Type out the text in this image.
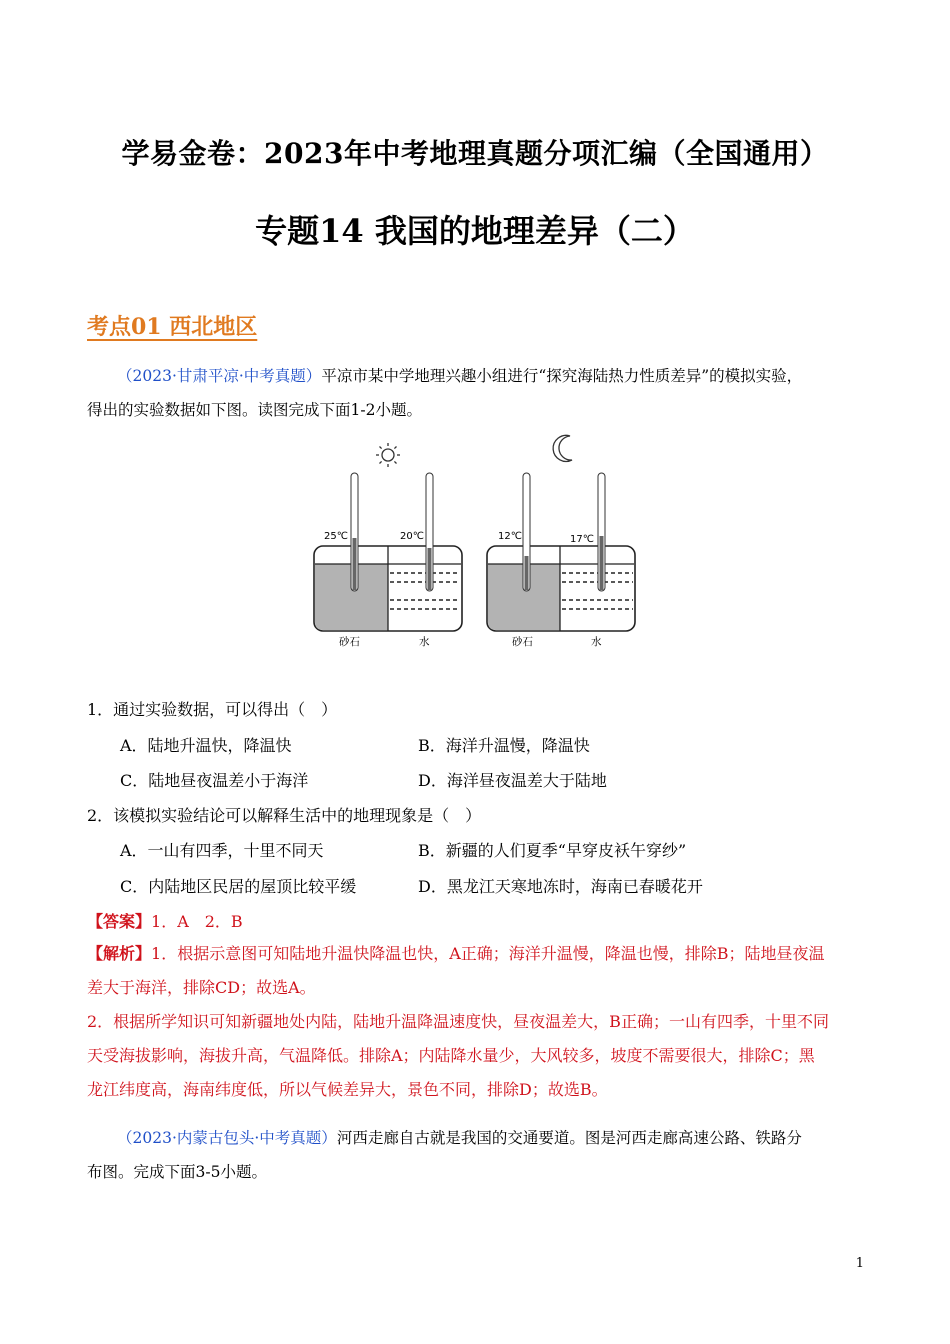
学易金卷：2023年中考地理真题分项汇编（全国通用）
专题14 我国的地理差异（二）
考点01 西北地区
（2023·甘肃平凉·中考真题）平凉市某中学地理兴趣小组进行“探究海陆热力性质差异”的模拟实验，
得出的实验数据如下图。读图完成下面1-2小题。
25℃	20℃
砂石	水
12℃	17℃
砂石	水
1．通过实验数据，可以得出（　）
A．陆地升温快，降温快	B．海洋升温慢，降温快
C．陆地昼夜温差小于海洋	D．海洋昼夜温差大于陆地
2．该模拟实验结论可以解释生活中的地理现象是（　）
A．一山有四季，十里不同天	B．新疆的人们夏季“早穿皮袄午穿纱”
C．内陆地区民居的屋顶比较平缓	D．黑龙江天寒地冻时，海南已春暖花开
【答案】1．A　2．B
【解析】1．根据示意图可知陆地升温快降温也快，A正确；海洋升温慢，降温也慢，排除B；陆地昼夜温
差大于海洋，排除CD；故选A。
2．根据所学知识可知新疆地处内陆，陆地升温降温速度快，昼夜温差大，B正确；一山有四季，十里不同
天受海拔影响，海拔升高，气温降低。排除A；内陆降水量少，大风较多，坡度不需要很大，排除C；黑
龙江纬度高，海南纬度低，所以气候差异大，景色不同，排除D；故选B。
（2023·内蒙古包头·中考真题）河西走廊自古就是我国的交通要道。图是河西走廊高速公路、铁路分
布图。完成下面3-5小题。
1
